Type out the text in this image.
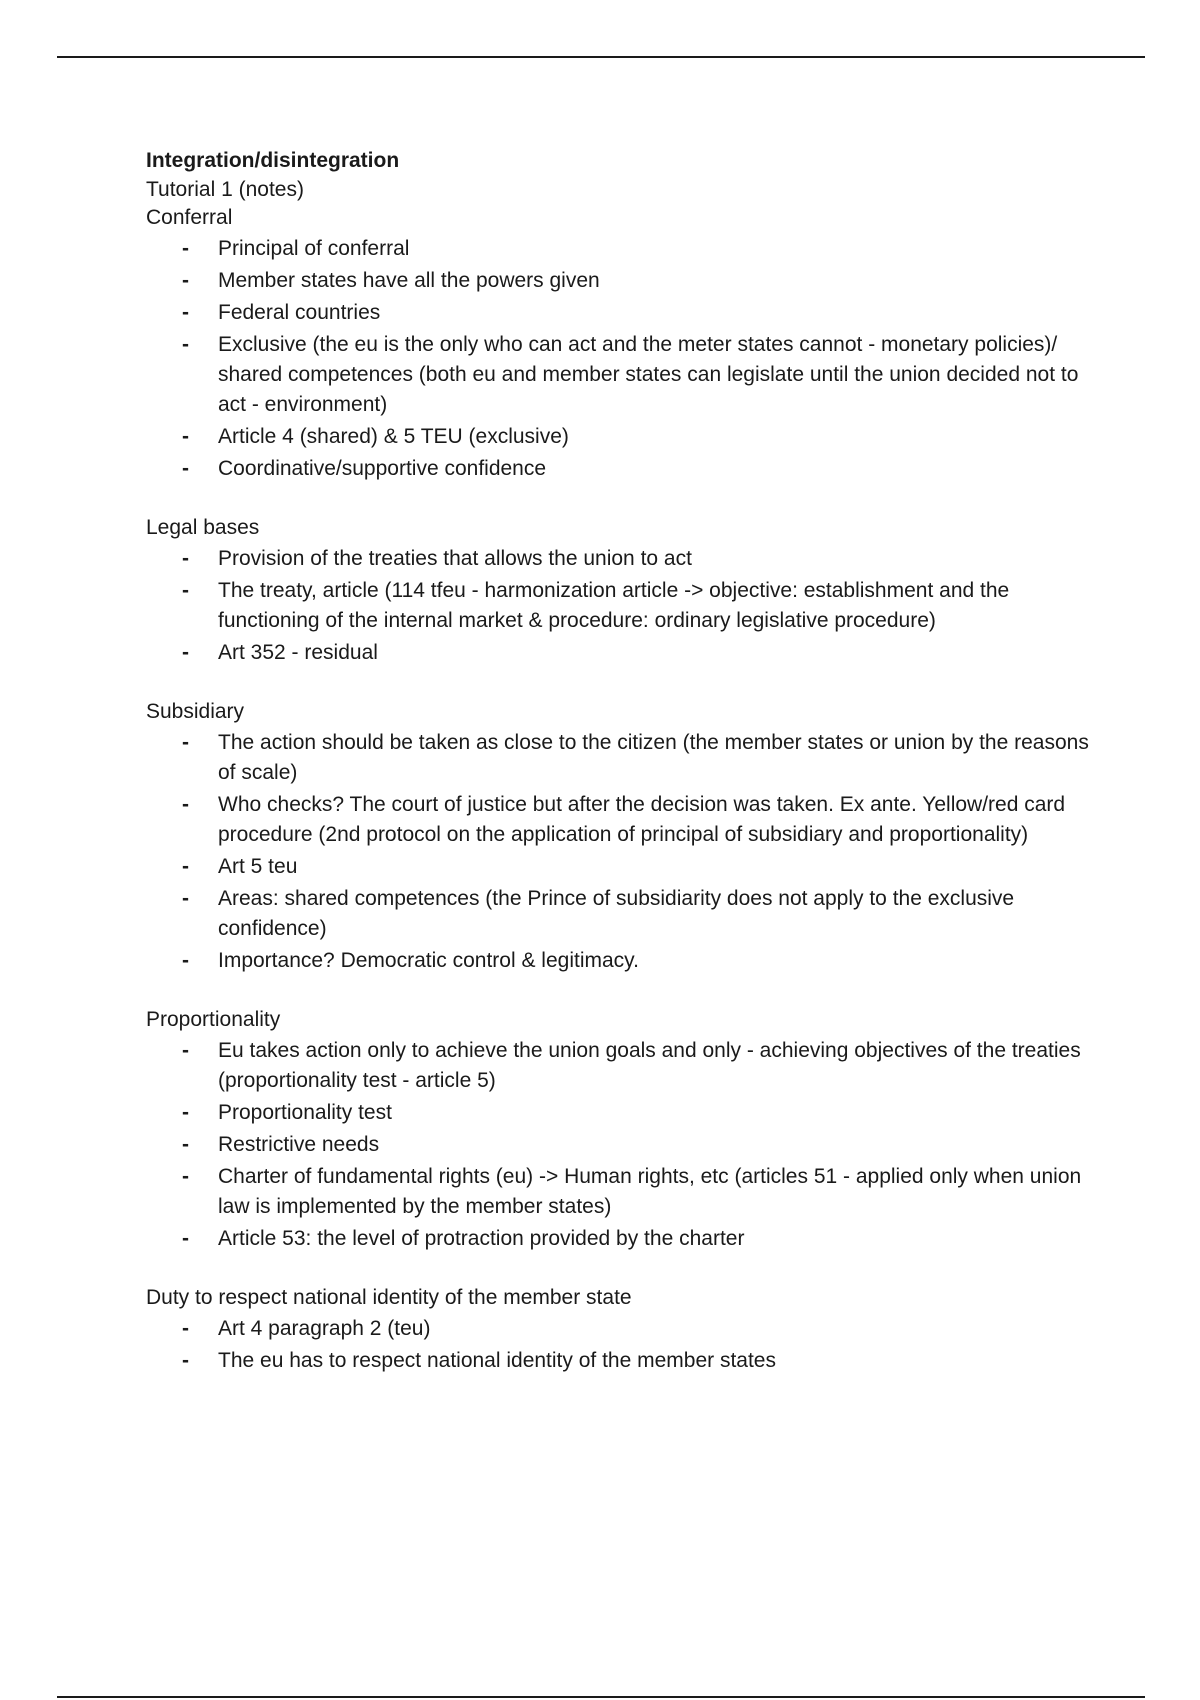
Integration/disintegration
Tutorial 1 (notes)
Conferral
- Principal of conferral
- Member states have all the powers given
- Federal countries
- Exclusive (the eu is the only who can act and the meter states cannot - monetary policies)/ shared competences (both eu and member states can legislate until the union decided not to act - environment)
- Article 4 (shared) & 5 TEU (exclusive)
- Coordinative/supportive confidence
Legal bases
- Provision of the treaties that allows the union to act
- The treaty, article (114 tfeu - harmonization article -> objective: establishment and the functioning of the internal market & procedure: ordinary legislative procedure)
- Art 352 - residual
Subsidiary
- The action should be taken as close to the citizen (the member states or union by the reasons of scale)
- Who checks? The court of justice but after the decision was taken. Ex ante. Yellow/red card procedure (2nd protocol on the application of principal of subsidiary and proportionality)
- Art 5 teu
- Areas: shared competences (the Prince of subsidiarity does not apply to the exclusive confidence)
- Importance? Democratic control & legitimacy.
Proportionality
- Eu takes action only to achieve the union goals and only - achieving objectives of the treaties (proportionality test - article 5)
- Proportionality test
- Restrictive needs
- Charter of fundamental rights (eu) -> Human rights, etc (articles 51 - applied only when union law is implemented by the member states)
- Article 53: the level of protraction provided by the charter
Duty to respect national identity of the member state
- Art 4 paragraph 2 (teu)
- The eu has to respect national identity of the member states
